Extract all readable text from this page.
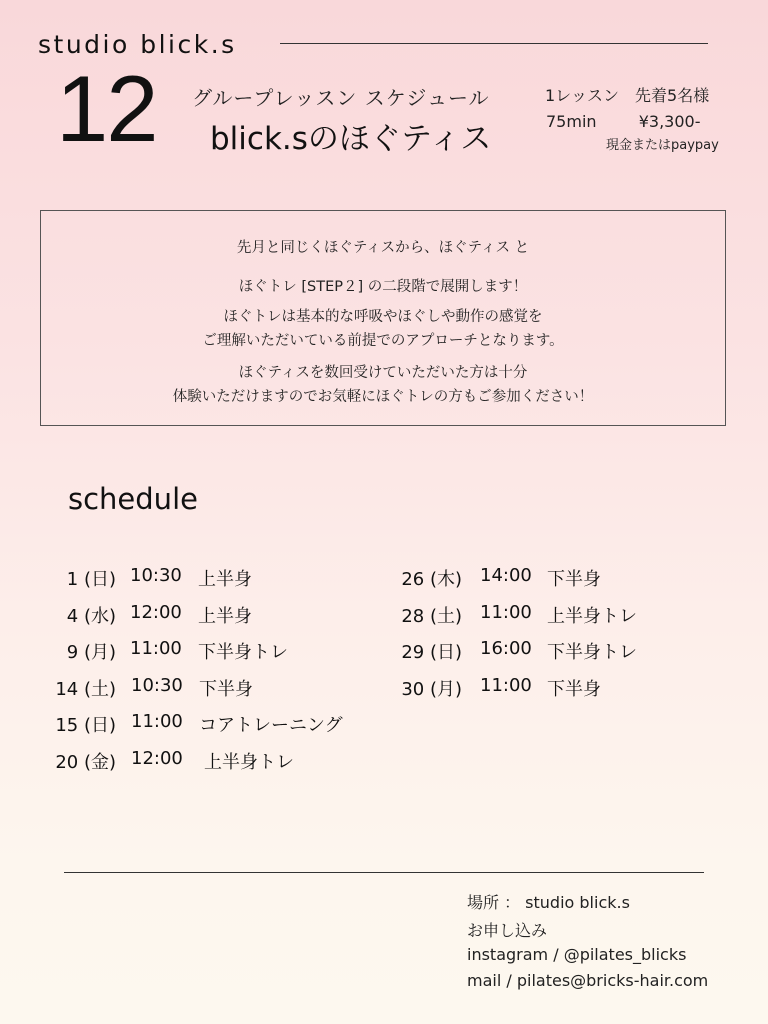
studio blick.s
12 グループレッスン スケジュール
blick.sのほぐティス
1レッスン　先着5名様
75min　　  ¥3,300-
現金またはpaypay
先月と同じくほぐティスから、ほぐティス と
ほぐトレ [STEP２] の二段階で展開します！
ほぐトレは基本的な呼吸やほぐしや動作の感覚を
ご理解いただいている前提でのアプローチとなります。
ほぐティスを数回受けていただいた方は十分
体験いただけますのでお気軽にほぐトレの方もご参加ください！
schedule
1 (日) 10:30 上半身
4 (水) 12:00 上半身
9 (月) 11:00 下半身トレ
14 (土) 10:30 下半身
15 (日) 11:00 コアトレーニング
20 (金) 12:00 上半身トレ
26 (木) 14:00 下半身
28 (土) 11:00 上半身トレ
29 (日) 16:00 下半身トレ
30 (月) 11:00 下半身
場所 ： studio blick.s
お申し込み
instagram / @pilates_blicks
mail / pilates@bricks-hair.com
